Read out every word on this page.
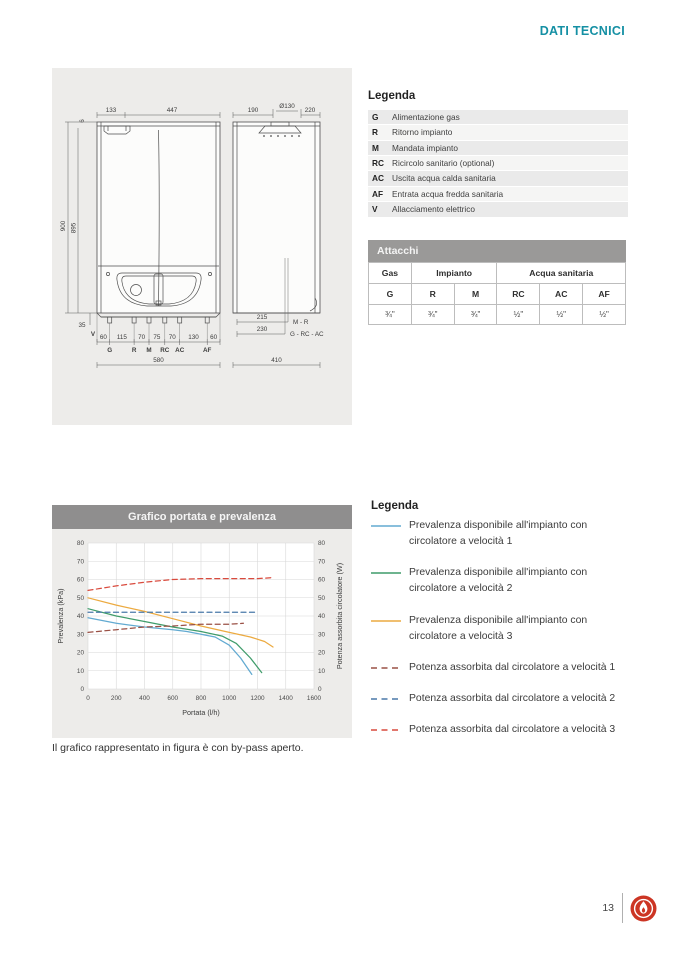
DATI TECNICI
133	447
6
900 895
35
V 60 115 70 75 70 130 60
G	R M RC AC	AF
580
190
Ø130
220
215
M - R
230
G - RC - AC
410
Legenda
G	Alimentazione gas
R	Ritorno impianto
M	Mandata impianto
RC Ricircolo sanitario (optional)
AC Uscita acqua calda sanitaria
AF	Entrata acqua fredda sanitaria
V	Allacciamento elettrico
Attacchi
Gas	Impianto		Acqua sanitaria		
G	R	M	RC	AC	AF
¾"	¾"	¾"	½"	½"	½"
Grafico portata e prevalenza
0	0
10	10
20	20
30	30
40	40
50	50
60	60
70	70
80	80
0	200	400	600	800 1000 1200 1400 1600
Portata (l/h)
Prevalenza (kPa)	Potenza assorbita circolatore (W)
Legenda
Prevalenza disponibile all'impianto con circolatore a velocità 1
Prevalenza disponibile all'impianto con circolatore a velocità 2
Prevalenza disponibile all'impianto con circolatore a velocità 3
Potenza assorbita dal circolatore a velocità 1
Potenza assorbita dal circolatore a velocità 2
Potenza assorbita dal circolatore a velocità 3
Il grafico rappresentato in figura è con by-pass aperto.
13
